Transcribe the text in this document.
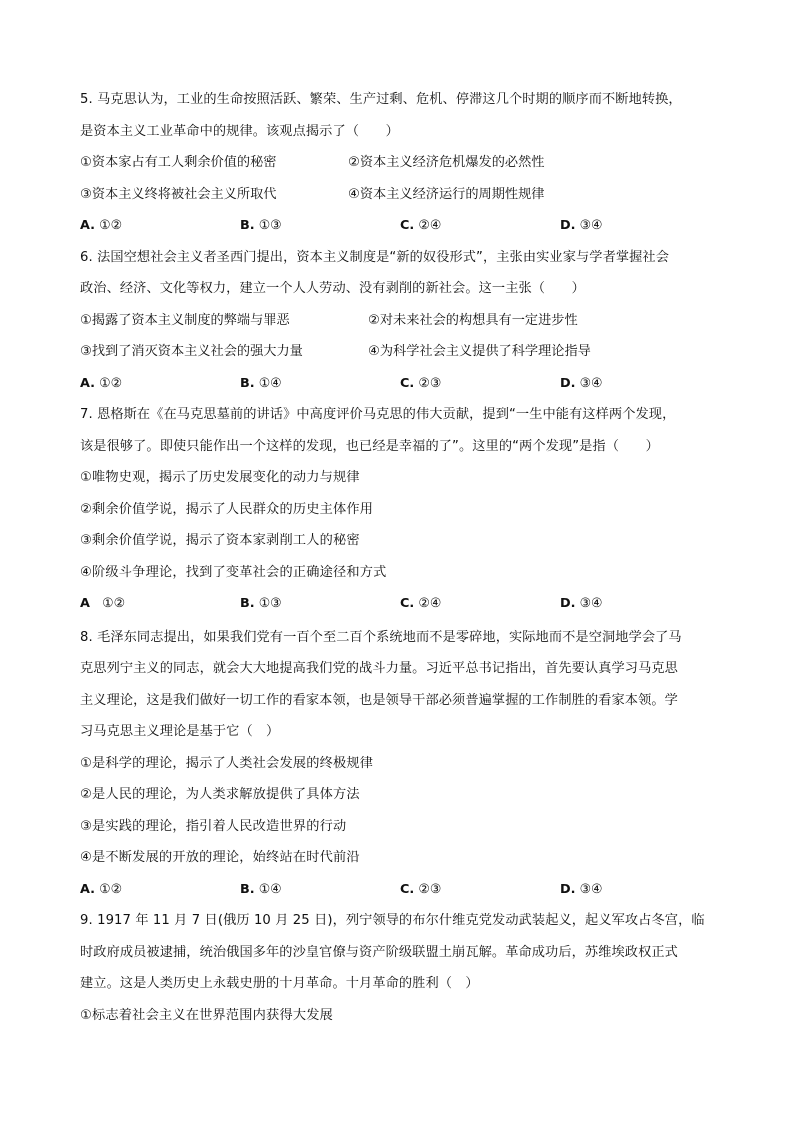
5. 马克思认为，工业的生命按照活跃、繁荣、生产过剩、危机、停滞这几个时期的顺序而不断地转换，
是资本主义工业革命中的规律。该观点揭示了（　　）
①资本家占有工人剩余价值的秘密	②资本主义经济危机爆发的必然性
③资本主义终将被社会主义所取代	④资本主义经济运行的周期性规律
A. ①②	B. ①③	C. ②④	D. ③④
6. 法国空想社会主义者圣西门提出，资本主义制度是“新的奴役形式”，主张由实业家与学者掌握社会
政治、经济、文化等权力，建立一个人人劳动、没有剥削的新社会。这一主张（　　）
①揭露了资本主义制度的弊端与罪恶	②对未来社会的构想具有一定进步性
③找到了消灭资本主义社会的强大力量	④为科学社会主义提供了科学理论指导
A. ①②	B. ①④	C. ②③	D. ③④
7. 恩格斯在《在马克思墓前的讲话》中高度评价马克思的伟大贡献，提到“一生中能有这样两个发现，
该是很够了。即使只能作出一个这样的发现，也已经是幸福的了”。这里的“两个发现”是指（　　）
①唯物史观，揭示了历史发展变化的动力与规律
②剩余价值学说，揭示了人民群众的历史主体作用
③剩余价值学说，揭示了资本家剥削工人的秘密
④阶级斗争理论，找到了变革社会的正确途径和方式
A ①②	B. ①③	C. ②④	D. ③④
8. 毛泽东同志提出，如果我们党有一百个至二百个系统地而不是零碎地，实际地而不是空洞地学会了马
克思列宁主义的同志，就会大大地提高我们党的战斗力量。习近平总书记指出，首先要认真学习马克思
主义理论，这是我们做好一切工作的看家本领，也是领导干部必须普遍掌握的工作制胜的看家本领。学
习马克思主义理论是基于它（　）
①是科学的理论，揭示了人类社会发展的终极规律
②是人民的理论，为人类求解放提供了具体方法
③是实践的理论，指引着人民改造世界的行动
④是不断发展的开放的理论，始终站在时代前沿
A. ①②	B. ①④	C. ②③	D. ③④
9. 1917 年 11 月 7 日(俄历 10 月 25 日)，列宁领导的布尔什维克党发动武装起义，起义军攻占冬宫，临
时政府成员被逮捕，统治俄国多年的沙皇官僚与资产阶级联盟土崩瓦解。革命成功后，苏维埃政权正式
建立。这是人类历史上永载史册的十月革命。十月革命的胜利（　）
①标志着社会主义在世界范围内获得大发展
